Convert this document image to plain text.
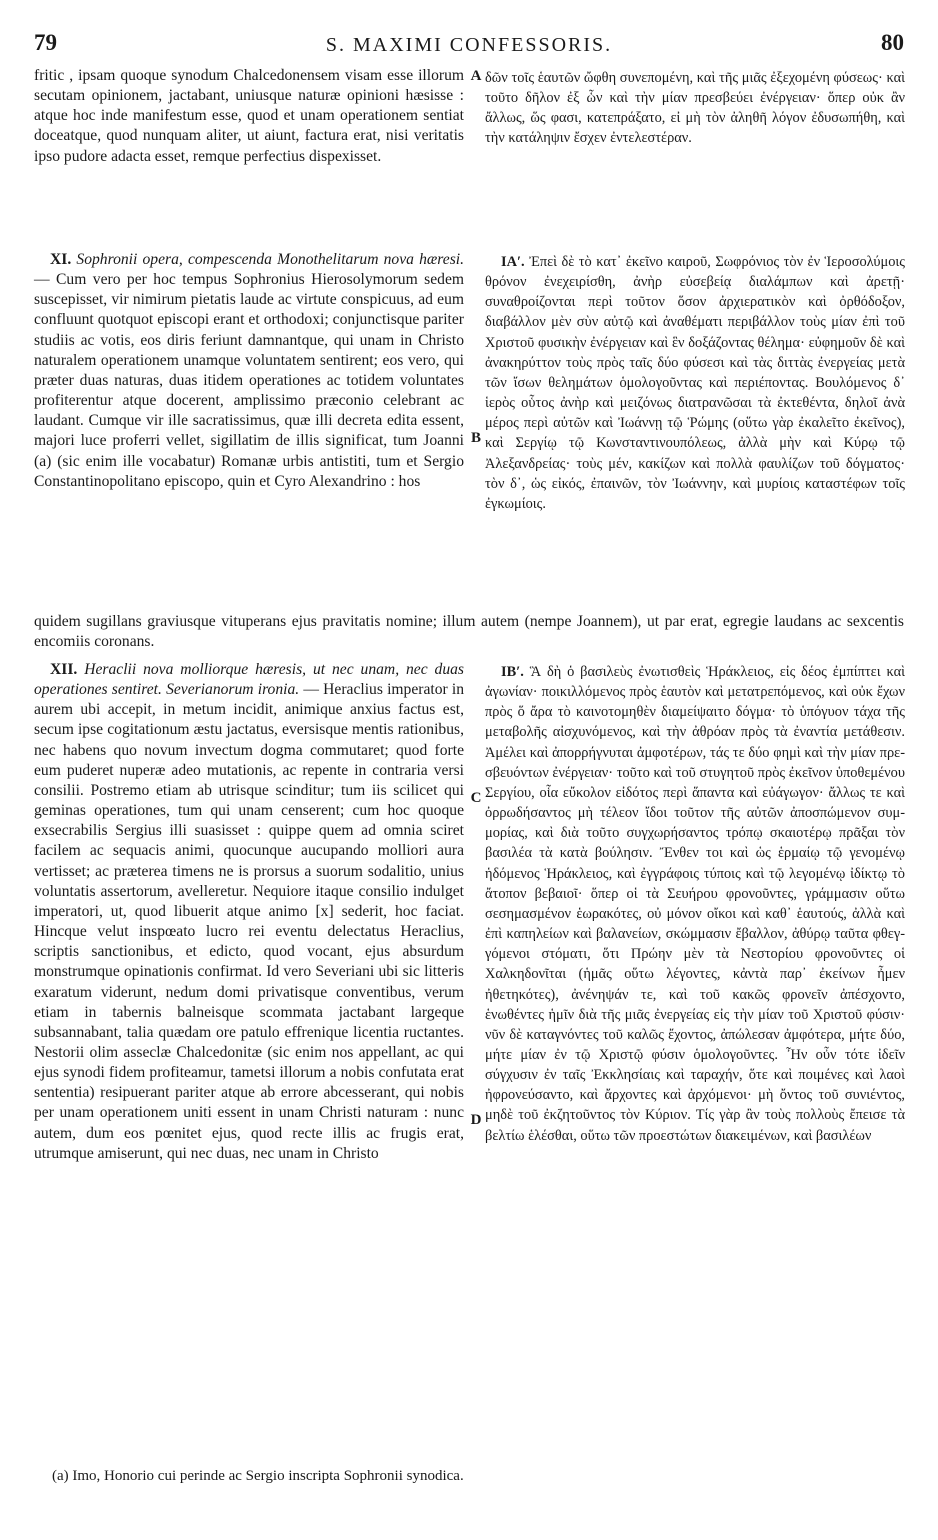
79	S. MAXIMI CONFESSORIS.	80

fritic , ipsam quoque synodum Chalcedonensem visam esse illorum secutam opinionem, jactabant, uniusque naturæ opinioni hæsisse : atque hoc inde manifestum esse, quod et unam operationem sentiat doceatque, quod nunquam aliter, ut aiunt, factura erat, nisi veritatis ipso pudore adacta esset, remque perfectius dispexisset.

A δῶν τοῖς ἑαυτῶν ὤφθη συνεπομένη, καὶ τῆς μιᾶς ἐξεχομένη φύσεως· καὶ τοῦτο δῆλον ἐξ ὧν καὶ τὴν μίαν πρεσβεύει ἐνέργειαν· ὅπερ οὐκ ἂν ἄλλως, ὥς φασι, κατεπράξατο, εἰ μὴ τὸν ἀληθῆ λόγον ἐδυσωπήθη, καὶ τὴν κατάληψιν ἔσχεν ἐντελεστέραν.

XI. Sophronii opera, compescenda Monothelitarum nova hæresi. — Cum vero per hoc tempus Sophronius Hierosolymorum sedem suscepisset, vir nimirum pietatis laude ac virtute conspicuus, ad eum confluunt quotquot episcopi erant et orthodoxi; conjunctisque pariter studiis ac votis, eos diris feriunt damnantque, qui unam in Christo naturalem operationem unamque voluntatem sentirent; eos vero, qui præter duas naturas, duas itidem operationes ac totidem voluntates profiterentur atque docerent, amplissimo præconio celebrant ac laudant. Cumque vir ille sacratissimus, quæ illi decreta edita essent, majori luce proferri vellet, sigillatim de illis significat, tum Joanni (a) (sic enim ille vocabatur) Romanæ urbis antistiti, tum et Sergio Constantinopolitano episcopo, quin et Cyro Alexandrino : hos

B

ΙΑʹ. Ἐπεὶ δὲ τὸ κατ᾽ ἐκεῖνο καιροῦ, Σωφρόνιος τὸν ἐν Ἱεροσολύμοις θρόνον ἐνεχειρίσθη, ἀνὴρ εὐσεβείᾳ διαλάμπων καὶ ἀρετῇ· συναθροίζονται περὶ τοῦτον ὅσον ἀρχιερατικὸν καὶ ὀρθόδοξον, διαβάλλον μὲν σὺν αὐτῷ καὶ ἀναθέματι περιβάλλον τοὺς μίαν ἐπὶ τοῦ Χριστοῦ φυσικὴν ἐνέργειαν καὶ ἓν δοξάζοντας θέλημα· εὐφημοῦν δὲ καὶ ἀνακηρύττον τοὺς πρὸς ταῖς δύο φύσεσι καὶ τὰς διττὰς ἐνεργείας μετὰ τῶν ἴσων θελημάτων ὁμολογοῦντας καὶ περιέποντας. Βουλόμενος δ᾽ ἱερὸς οὗτος ἀνὴρ καὶ μειζόνως διατρανῶσαι τὰ ἐκτεθέντα, δηλοῖ ἀνὰ μέρος περὶ αὐτῶν καὶ Ἰωάννῃ τῷ Ῥώμης (οὕτω γὰρ ἐκαλεῖτο ἐκεῖνος), καὶ Σεργίῳ τῷ Κωνσταντινουπόλεως, ἀλλὰ μὴν καὶ Κύρῳ τῷ Ἀλεξανδρείας· τοὺς μέν, κακίζων καὶ πολλὰ φαυλίζων τοῦ δόγματος· τὸν δ᾽, ὡς εἰκός, ἐπαινῶν, τὸν Ἰωάννην, καὶ μυρίοις καταστέφων τοῖς ἐγκωμίοις.

quidem sugillans graviusque vituperans ejus pravitatis nomine; illum autem (nempe Joannem), ut par erat, egregie laudans ac sexcentis encomiis coronans.

XII. Heraclii nova molliorque hæresis, ut nec unam, nec duas operationes sentiret. Severianorum ironia. — Heraclius imperator in aurem ubi accepit, in metum incidit, animique anxius factus est, secum ipse cogitationum æstu jactatus, eversisque mentis rationibus, nec habens quo novum invectum dogma commutaret; quod forte eum puderet nuperæ adeo mutationis, ac repente in contraria versi consilii. Postremo etiam ab utrisque scinditur; tum iis scilicet qui geminas operationes, tum qui unam censerent; cum hoc quoque exsecrabilis Sergius illi suasisset : quippe quem ad omnia sciret facilem ac sequacis animi, quocunque aucupando molliori aura vertisset; ac præterea timens ne is prorsus a suorum sodalitio, unius voluntatis assertorum, avelleretur. Nequiore itaque consilio indulget imperatori, ut, quod libuerit atque animo [x] sederit, hoc faciat. Hincque velut inspœato lucro rei eventu delectatus Heraclius, scriptis sanctionibus, et edicto, quod vocant, ejus absurdum monstrumque opinationis confirmat. Id vero Severiani ubi sic litteris exaratum viderunt, nedum domi privatisque conventibus, verum etiam in tabernis balneisque scommata jactabant largeque subsannabant, talia quædam ore patulo effrenique licentia ructantes. Nestorii olim asseclæ Chalcedonitæ (sic enim nos appellant, ac qui ejus synodi fidem profiteamur, tametsi illorum a nobis confutata erat sententia) resipuerant pariter atque ab errore abcesserant, qui nobis per unam operationem uniti essent in unam Christi naturam : nunc autem, dum eos pœnitet ejus, quod recte illis ac frugis erat, utrumque amiserunt, qui nec duas, nec unam in Christo

C
D

ΙΒʹ. Ἃ δὴ ὁ βασιλεὺς ἐνωτισθεὶς Ἡράκλειος, εἰς δέος ἐμπίπτει καὶ ἀγωνίαν· ποικιλλόμενος πρὸς ἑαυτὸν καὶ μετατρεπόμενος, καὶ οὐκ ἔχων πρὸς ὅ ἄρα τὸ καινοτομηθὲν διαμείψαιτο δόγμα· τὸ ὑπόγυον τάχα τῆς μεταβολῆς αἰσχυνόμενος, καὶ τὴν ἀθρόαν πρὸς τὰ ἐναντία μετάθεσιν. Ἀμέλει καὶ ἀπορρήγνυται ἀμφοτέρων, τάς τε δύο φημὶ καὶ τὴν μίαν πρεσβευόντων ἐνέργειαν· τοῦτο καὶ τοῦ στυγητοῦ πρὸς ἐκεῖνον ὑποθεμένου Σεργίου, οἷα εὔκολον εἰδότος περὶ ἅπαντα καὶ εὐάγωγον· ἄλλως τε καὶ ὀρρωδήσαντος μὴ τέλεον ἴδοι τοῦτον τῆς αὐτῶν ἀποσπώμενον συμμορίας, καὶ διὰ τοῦτο συγχωρήσαντος τρόπῳ σκαιοτέρῳ πρᾶξαι τὸν βασιλέα τὰ κατὰ βούλησιν. Ἔνθεν τοι καὶ ὡς ἑρμαίῳ τῷ γενομένῳ ἡδόμενος Ἡράκλειος, καὶ ἐγγράφοις τύποις καὶ τῷ λεγομένῳ ἰδίκτῳ τὸ ἄτοπον βεβαιοῖ· ὅπερ οἱ τὰ Σευήρου φρονοῦντες, γράμμασιν οὕτω σεσημασμένον ἑωρακότες, οὐ μόνον οἴκοι καὶ καθ᾽ ἑαυτούς, ἀλλὰ καὶ ἐπὶ καπηλείων καὶ βαλανείων, σκώμμασιν ἔβαλλον, ἀθύρῳ ταῦτα φθεγγόμενοι στόματι, ὅτι Πρώην μὲν τὰ Νεστορίου φρονοῦντες οἱ Χαλκηδονῖται (ἡμᾶς οὕτω λέγοντες, κἀντὰ παρ᾽ ἐκείνων ἦμεν ἠθετηκότες), ἀνένηψάν τε, καὶ τοῦ κακῶς φρονεῖν ἀπέσχοντο, ἑνωθέντες ἡμῖν διὰ τῆς μιᾶς ἐνεργείας εἰς τὴν μίαν τοῦ Χριστοῦ φύσιν· νῦν δὲ καταγνόντες τοῦ καλῶς ἔχοντος, ἀπώλεσαν ἀμφότερα, μήτε δύο, μήτε μίαν ἐν τῷ Χριστῷ φύσιν ὁμολογοῦντες. Ἦν οὖν τότε ἰδεῖν σύγχυσιν ἐν ταῖς Ἐκκλησίαις καὶ ταραχήν, ὅτε καὶ ποιμένες καὶ λαοὶ ἠφρονεύσαντο, καὶ ἄρχοντες καὶ ἀρχόμενοι· μὴ ὄντος τοῦ συνιέντος, μηδὲ τοῦ ἐκζητοῦντος τὸν Κύριον. Τίς γὰρ ἂν τοὺς πολλοὺς ἔπεισε τὰ βελτίω ἑλέσθαι, οὕτω τῶν προεστώτων διακειμένων, καὶ βασιλέων

(a) Imo, Honorio cui perinde ac Sergio inscripta Sophronii synodica.
